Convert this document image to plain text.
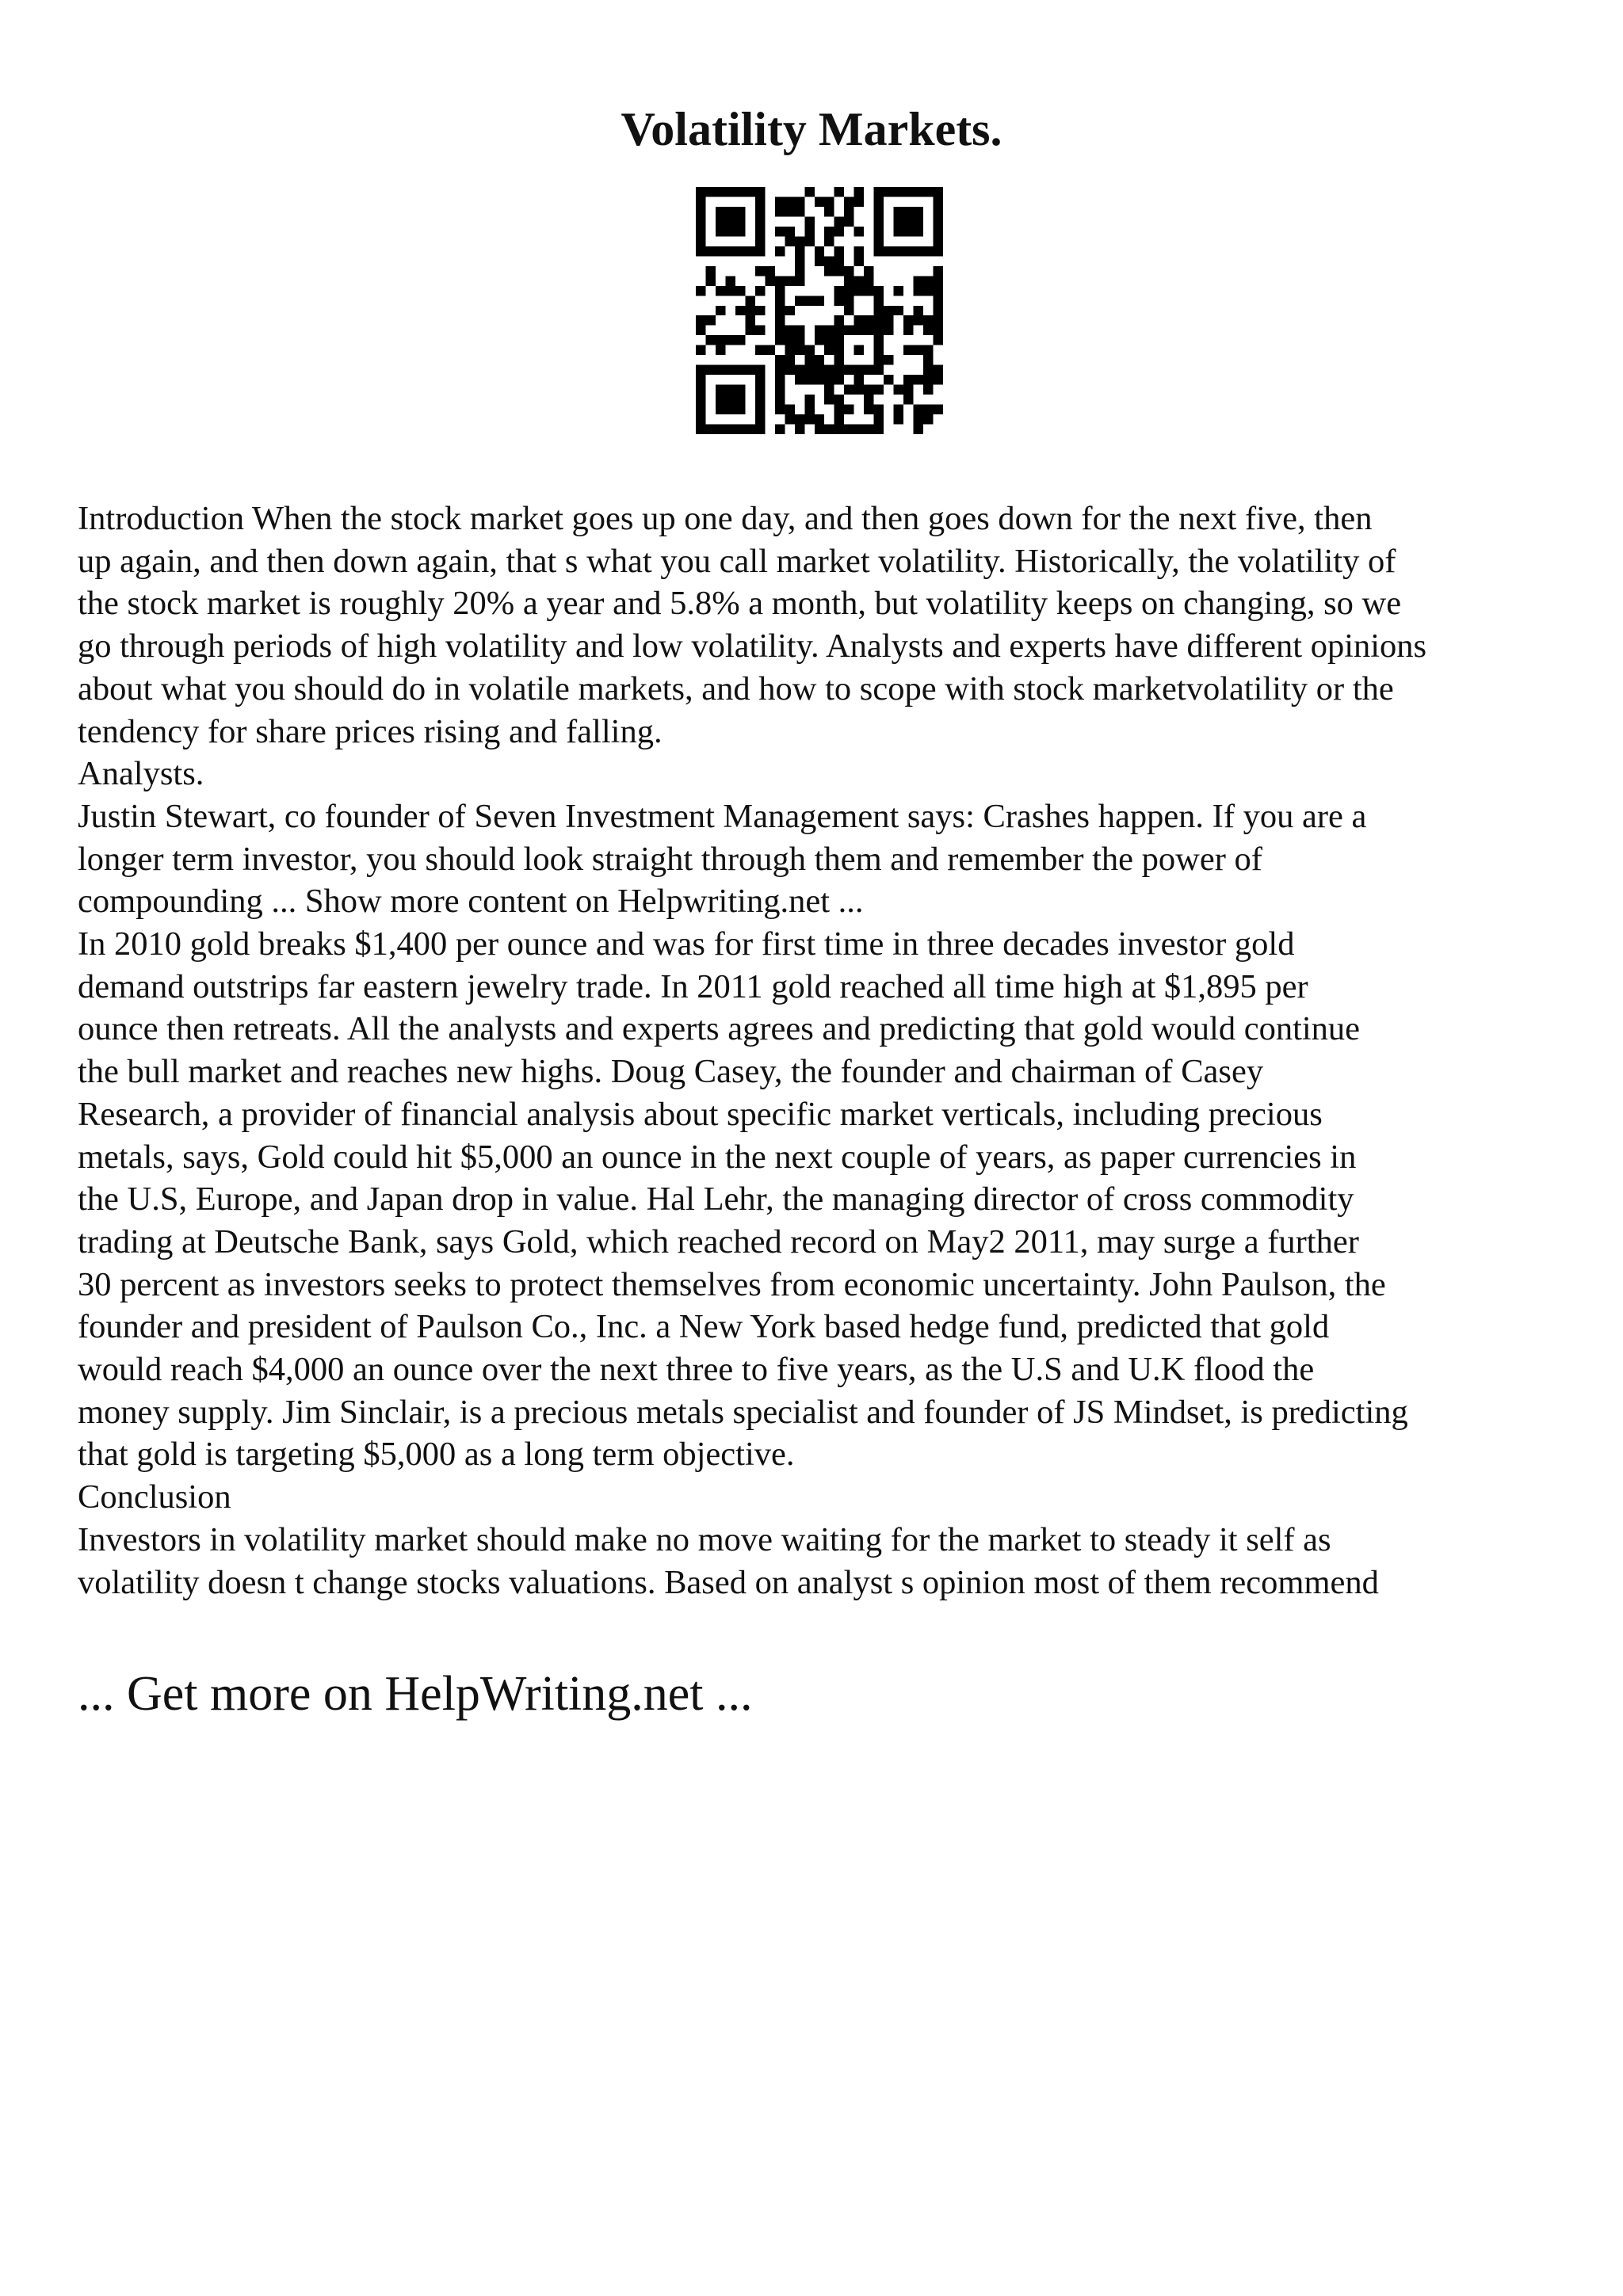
Volatility Markets.
Introduction When the stock market goes up one day, and then goes down for the next five, then
up again, and then down again, that s what you call market volatility. Historically, the volatility of
the stock market is roughly 20% a year and 5.8% a month, but volatility keeps on changing, so we
go through periods of high volatility and low volatility. Analysts and experts have different opinions
about what you should do in volatile markets, and how to scope with stock marketvolatility or the
tendency for share prices rising and falling.
Analysts.
Justin Stewart, co founder of Seven Investment Management says: Crashes happen. If you are a
longer term investor, you should look straight through them and remember the power of
compounding ... Show more content on Helpwriting.net ...
In 2010 gold breaks $1,400 per ounce and was for first time in three decades investor gold
demand outstrips far eastern jewelry trade. In 2011 gold reached all time high at $1,895 per
ounce then retreats. All the analysts and experts agrees and predicting that gold would continue
the bull market and reaches new highs. Doug Casey, the founder and chairman of Casey
Research, a provider of financial analysis about specific market verticals, including precious
metals, says, Gold could hit $5,000 an ounce in the next couple of years, as paper currencies in
the U.S, Europe, and Japan drop in value. Hal Lehr, the managing director of cross commodity
trading at Deutsche Bank, says Gold, which reached record on May2 2011, may surge a further
30 percent as investors seeks to protect themselves from economic uncertainty. John Paulson, the
founder and president of Paulson Co., Inc. a New York based hedge fund, predicted that gold
would reach $4,000 an ounce over the next three to five years, as the U.S and U.K flood the
money supply. Jim Sinclair, is a precious metals specialist and founder of JS Mindset, is predicting
that gold is targeting $5,000 as a long term objective.
Conclusion
Investors in volatility market should make no move waiting for the market to steady it self as
volatility doesn t change stocks valuations. Based on analyst s opinion most of them recommend
... Get more on HelpWriting.net ...
